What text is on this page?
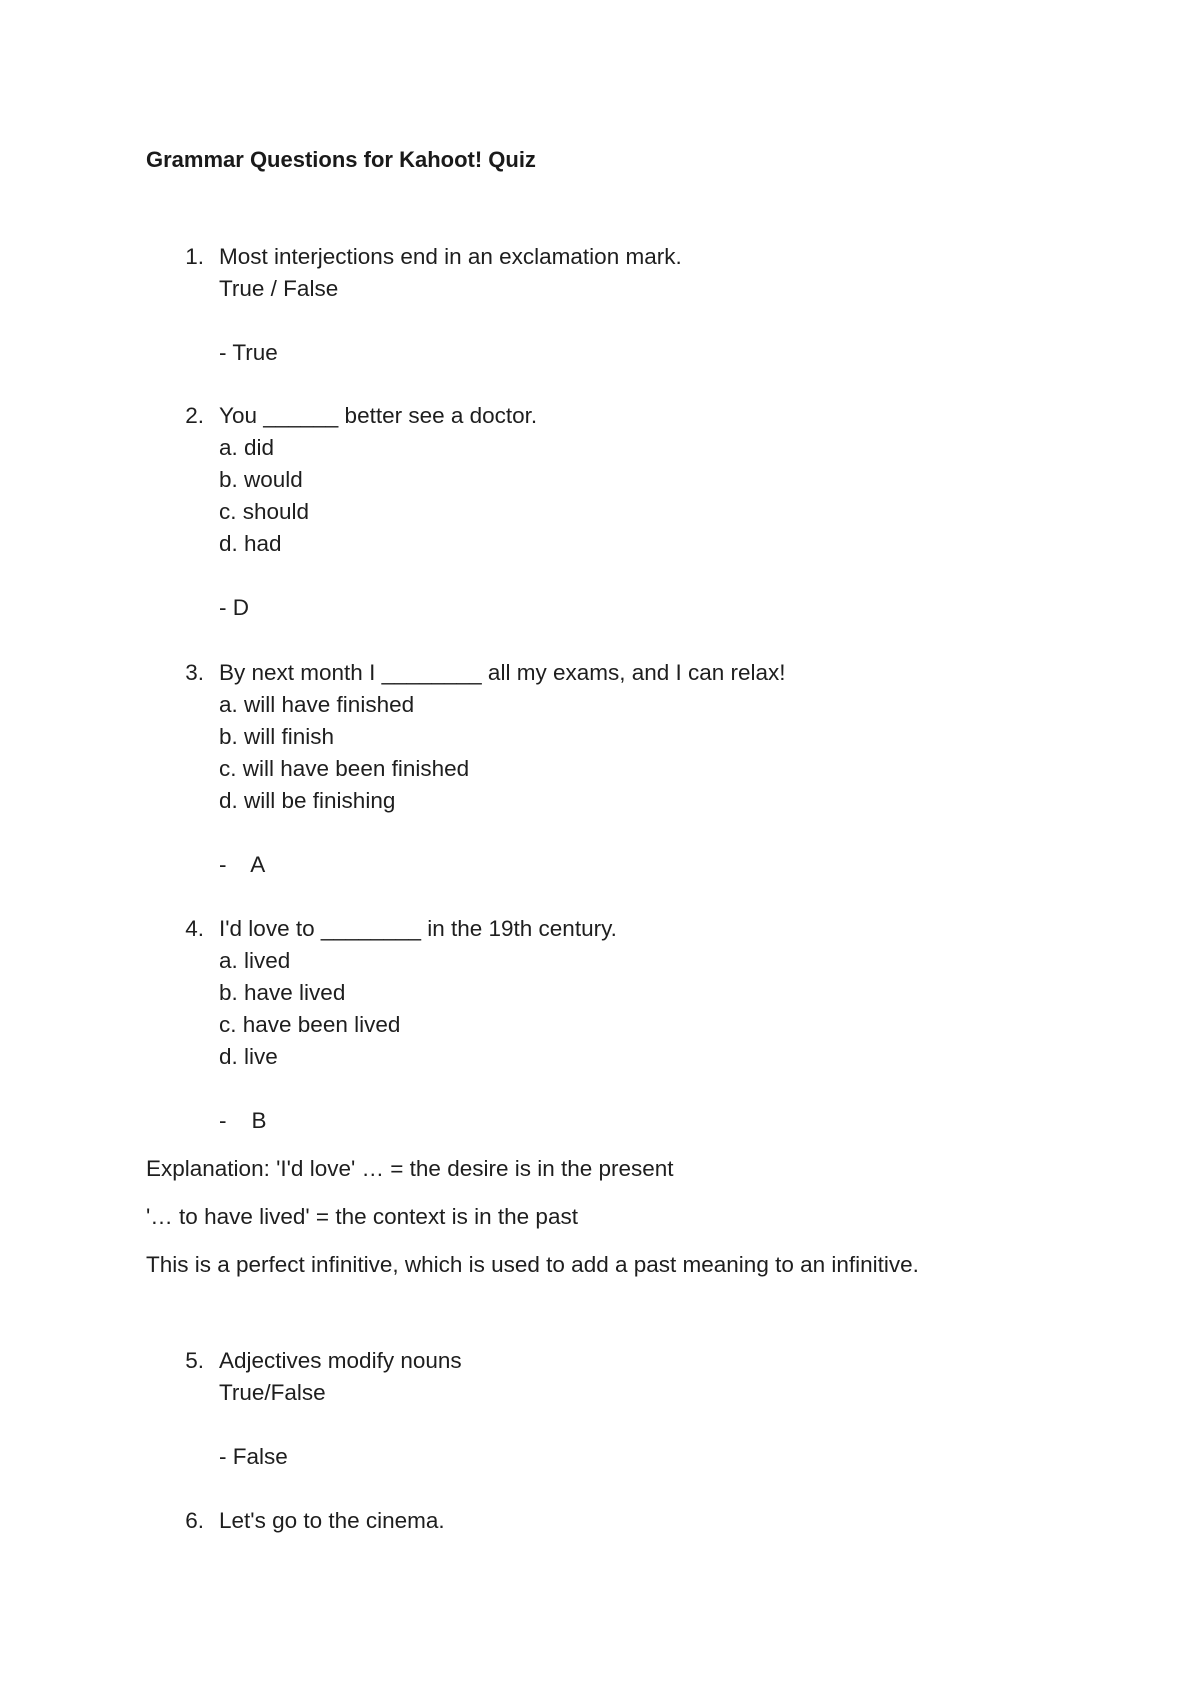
Grammar Questions for Kahoot! Quiz
1. Most interjections end in an exclamation mark.
True / False
- True
2. You ______ better see a doctor.
a. did
b. would
c. should
d. had
- D
3. By next month I ________ all my exams, and I can relax!
a. will have finished
b. will finish
c. will have been finished
d. will be finishing
-    A
4. I'd love to ________ in the 19th century.
a. lived
b. have lived
c. have been lived
d. live
-    B
Explanation: 'I'd love' … = the desire is in the present
'… to have lived' = the context is in the past
This is a perfect infinitive, which is used to add a past meaning to an infinitive.
5. Adjectives modify nouns
True/False
- False
6. Let's go to the cinema.
